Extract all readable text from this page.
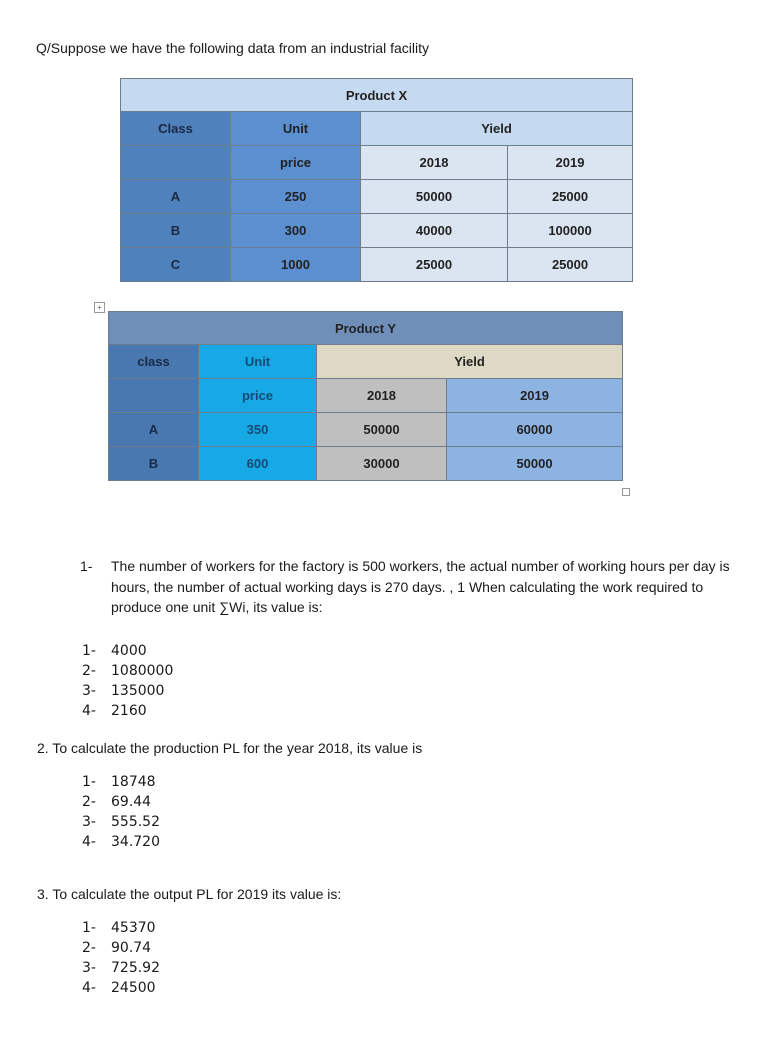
Q/Suppose we have the following data from an industrial facility
Product X			
Class	Unit	Yield	
	price	2018	2019
A	250	50000	25000
B	300	40000	100000
C	1000	25000	25000
+
Product Y			
class	Unit	Yield	
	price	2018	2019
A	350	50000	60000
B	600	30000	50000
1- The number of workers for the factory is 500 workers, the actual number of working hours per day is
hours, the number of actual working days is 270 days. , 1 When calculating the work required to
produce one unit ∑Wi, its value is:
1- 4000
2- 1080000
3- 135000
4- 2160
2. To calculate the production PL for the year 2018, its value is
1- 18748
2- 69.44
3- 555.52
4- 34.720
3. To calculate the output PL for 2019 its value is:
1- 45370
2- 90.74
3- 725.92
4- 24500
